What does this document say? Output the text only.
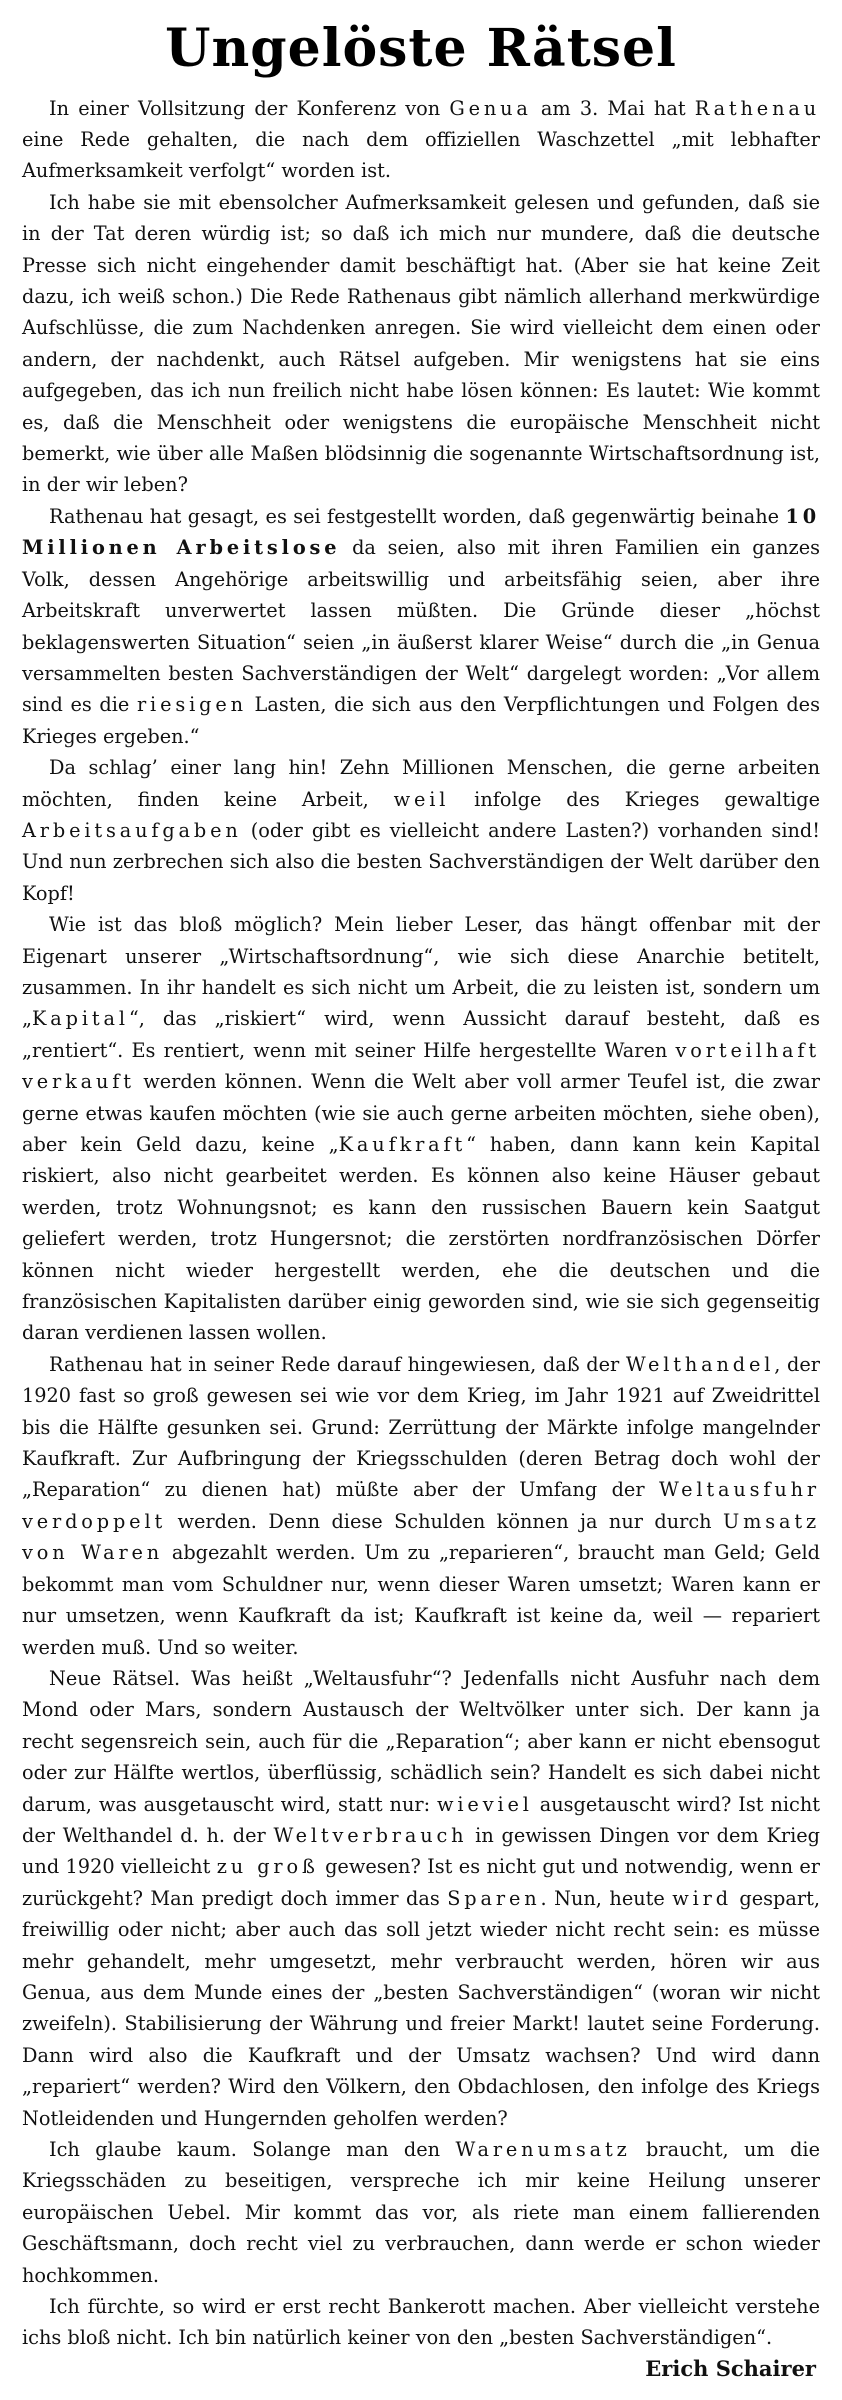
Ungelöste Rätsel

In einer Vollsitzung der Konferenz von Genua am 3. Mai hat Rathenau eine Rede gehalten, die nach dem offiziellen Waschzettel „mit lebhafter Aufmerksamkeit verfolgt“ worden ist.

Ich habe sie mit ebensolcher Aufmerksamkeit gelesen und gefunden, daß sie in der Tat deren würdig ist; so daß ich mich nur mundere, daß die deutsche Presse sich nicht eingehender damit beschäftigt hat. (Aber sie hat keine Zeit dazu, ich weiß schon.) Die Rede Rathenaus gibt nämlich allerhand merkwürdige Aufschlüsse, die zum Nachdenken anregen. Sie wird vielleicht dem einen oder andern, der nachdenkt, auch Rätsel aufgeben. Mir wenigstens hat sie eins aufgegeben, das ich nun freilich nicht habe lösen können: Es lautet: Wie kommt es, daß die Menschheit oder wenigstens die europäische Menschheit nicht bemerkt, wie über alle Maßen blödsinnig die sogenannte Wirtschaftsordnung ist, in der wir leben?

Rathenau hat gesagt, es sei festgestellt worden, daß gegenwärtig beinahe 10 Millionen Arbeitslose da seien, also mit ihren Familien ein ganzes Volk, dessen Angehörige arbeitswillig und arbeitsfähig seien, aber ihre Arbeitskraft unverwertet lassen müßten. Die Gründe dieser „höchst beklagenswerten Situation“ seien „in äußerst klarer Weise“ durch die „in Genua versammelten besten Sachverständigen der Welt“ dargelegt worden: „Vor allem sind es die riesigen Lasten, die sich aus den Verpflichtungen und Folgen des Krieges ergeben.“

Da schlag’ einer lang hin! Zehn Millionen Menschen, die gerne arbeiten möchten, finden keine Arbeit, weil infolge des Krieges gewaltige Arbeitsaufgaben (oder gibt es vielleicht andere Lasten?) vorhanden sind! Und nun zerbrechen sich also die besten Sachverständigen der Welt darüber den Kopf!

Wie ist das bloß möglich? Mein lieber Leser, das hängt offenbar mit der Eigenart unserer „Wirtschaftsordnung“, wie sich diese Anarchie betitelt, zusammen. In ihr handelt es sich nicht um Arbeit, die zu leisten ist, sondern um „Kapital“, das „riskiert“ wird, wenn Aussicht darauf besteht, daß es „rentiert“. Es rentiert, wenn mit seiner Hilfe hergestellte Waren vorteilhaft verkauft werden können. Wenn die Welt aber voll armer Teufel ist, die zwar gerne etwas kaufen möchten (wie sie auch gerne arbeiten möchten, siehe oben), aber kein Geld dazu, keine „Kaufkraft“ haben, dann kann kein Kapital riskiert, also nicht gearbeitet werden. Es können also keine Häuser gebaut werden, trotz Wohnungsnot; es kann den russischen Bauern kein Saatgut geliefert werden, trotz Hungersnot; die zerstörten nordfranzösischen Dörfer können nicht wieder hergestellt werden, ehe die deutschen und die französischen Kapitalisten darüber einig geworden sind, wie sie sich gegenseitig daran verdienen lassen wollen.

Rathenau hat in seiner Rede darauf hingewiesen, daß der Welthandel, der 1920 fast so groß gewesen sei wie vor dem Krieg, im Jahr 1921 auf Zweidrittel bis die Hälfte gesunken sei. Grund: Zerrüttung der Märkte infolge mangelnder Kaufkraft. Zur Aufbringung der Kriegsschulden (deren Betrag doch wohl der „Reparation“ zu dienen hat) müßte aber der Umfang der Weltausfuhr verdoppelt werden. Denn diese Schulden können ja nur durch Umsatz von Waren abgezahlt werden. Um zu „reparieren“, braucht man Geld; Geld bekommt man vom Schuldner nur, wenn dieser Waren umsetzt; Waren kann er nur umsetzen, wenn Kaufkraft da ist; Kaufkraft ist keine da, weil — repariert werden muß. Und so weiter.

Neue Rätsel. Was heißt „Weltausfuhr“? Jedenfalls nicht Ausfuhr nach dem Mond oder Mars, sondern Austausch der Weltvölker unter sich. Der kann ja recht segensreich sein, auch für die „Reparation“; aber kann er nicht ebensogut oder zur Hälfte wertlos, überflüssig, schädlich sein? Handelt es sich dabei nicht darum, was ausgetauscht wird, statt nur: wieviel ausgetauscht wird? Ist nicht der Welthandel d. h. der Weltverbrauch in gewissen Dingen vor dem Krieg und 1920 vielleicht zu groß gewesen? Ist es nicht gut und notwendig, wenn er zurückgeht? Man predigt doch immer das Sparen. Nun, heute wird gespart, freiwillig oder nicht; aber auch das soll jetzt wieder nicht recht sein: es müsse mehr gehandelt, mehr umgesetzt, mehr verbraucht werden, hören wir aus Genua, aus dem Munde eines der „besten Sachverständigen“ (woran wir nicht zweifeln). Stabilisierung der Währung und freier Markt! lautet seine Forderung. Dann wird also die Kaufkraft und der Umsatz wachsen? Und wird dann „repariert“ werden? Wird den Völkern, den Obdachlosen, den infolge des Kriegs Notleidenden und Hungernden geholfen werden?

Ich glaube kaum. Solange man den Warenumsatz braucht, um die Kriegsschäden zu beseitigen, verspreche ich mir keine Heilung unserer europäischen Uebel. Mir kommt das vor, als riete man einem fallierenden Geschäftsmann, doch recht viel zu verbrauchen, dann werde er schon wieder hochkommen.

Ich fürchte, so wird er erst recht Bankerott machen. Aber vielleicht verstehe ichs bloß nicht. Ich bin natürlich keiner von den „besten Sachverständigen“.

Erich Schairer
